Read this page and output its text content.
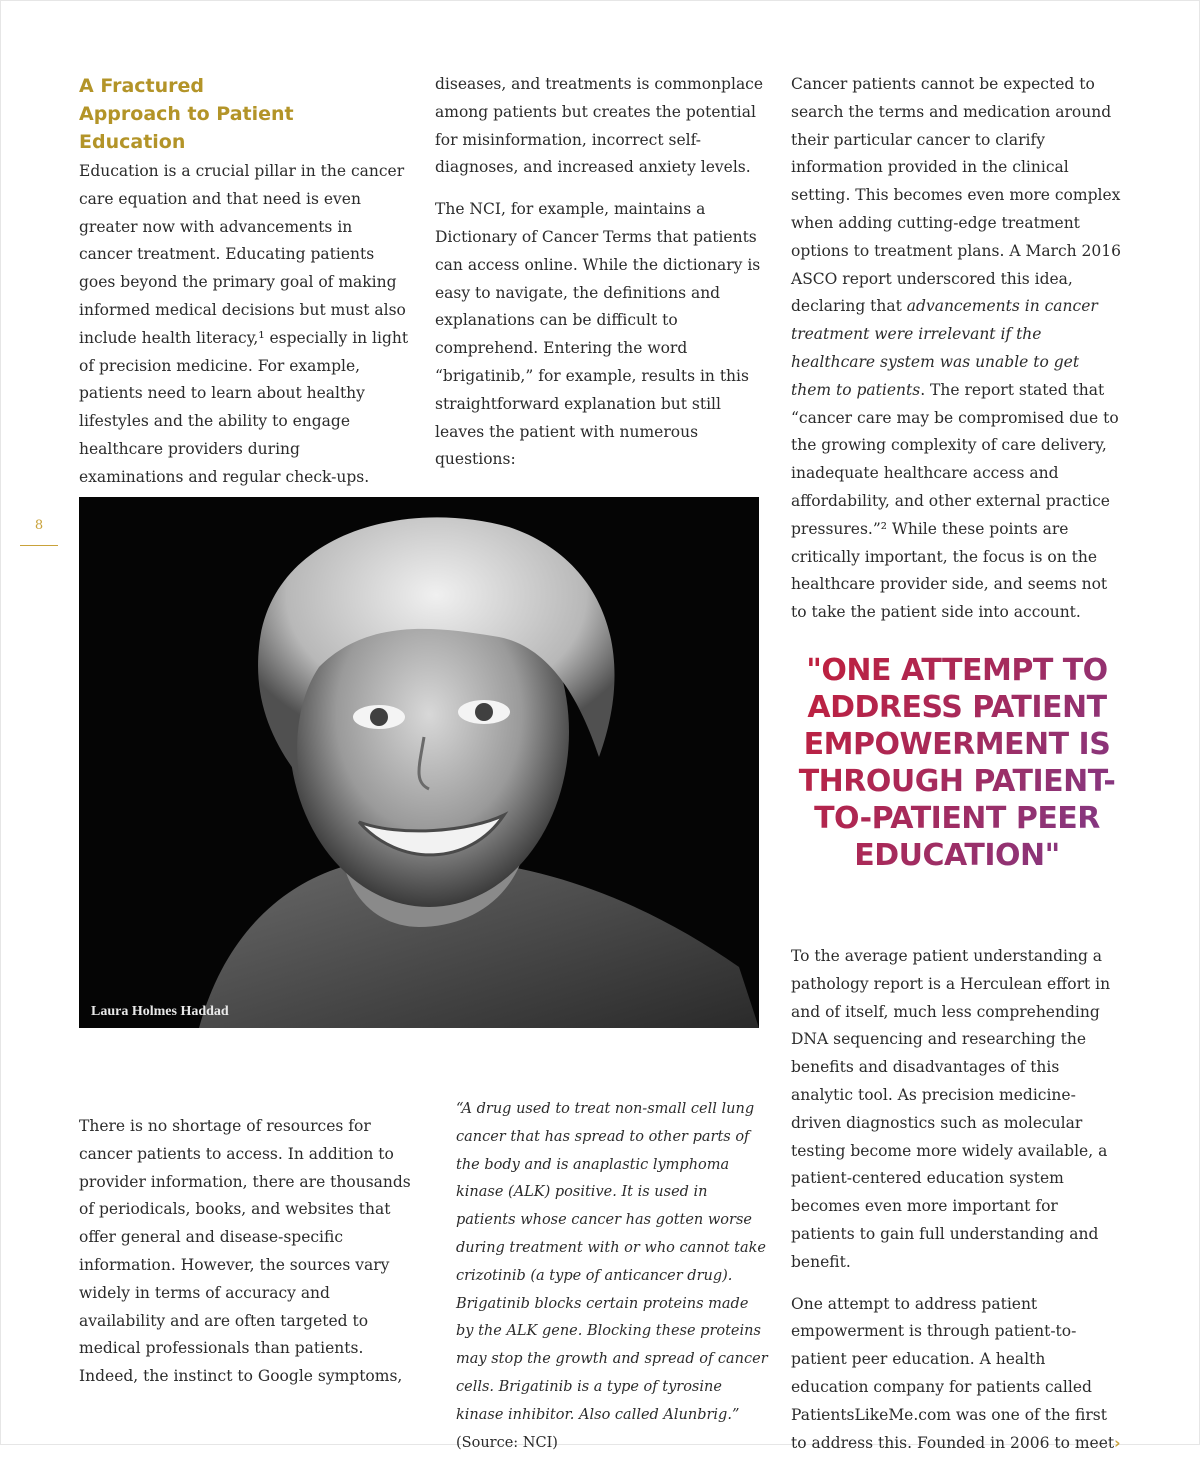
8
A Fractured Approach to Patient Education

Education is a crucial pillar in the cancer care equation and that need is even greater now with advancements in cancer treatment. Educating patients goes beyond the primary goal of making informed medical decisions but must also include health literacy,¹ especially in light of precision medicine. For example, patients need to learn about healthy lifestyles and the ability to engage healthcare providers during examinations and regular check-ups.

diseases, and treatments is commonplace among patients but creates the potential for misinformation, incorrect self-diagnoses, and increased anxiety levels.

The NCI, for example, maintains a Dictionary of Cancer Terms that patients can access online. While the dictionary is easy to navigate, the definitions and explanations can be difficult to comprehend. Entering the word “brigatinib,” for example, results in this straightforward explanation but still leaves the patient with numerous questions:

Cancer patients cannot be expected to search the terms and medication around their particular cancer to clarify information provided in the clinical setting. This becomes even more complex when adding cutting-edge treatment options to treatment plans. A March 2016 ASCO report underscored this idea, declaring that advancements in cancer treatment were irrelevant if the healthcare system was unable to get them to patients. The report stated that “cancer care may be compromised due to the growing complexity of care delivery, inadequate healthcare access and affordability, and other external practice pressures.”² While these points are critically important, the focus is on the healthcare provider side, and seems not to take the patient side into account.

Laura Holmes Haddad
"ONE ATTEMPT TO ADDRESS PATIENT EMPOWERMENT IS THROUGH PATIENT-TO-PATIENT PEER EDUCATION"

There is no shortage of resources for cancer patients to access. In addition to provider information, there are thousands of periodicals, books, and websites that offer general and disease-specific information. However, the sources vary widely in terms of accuracy and availability and are often targeted to medical professionals than patients. Indeed, the instinct to Google symptoms,

“A drug used to treat non-small cell lung cancer that has spread to other parts of the body and is anaplastic lymphoma kinase (ALK) positive. It is used in patients whose cancer has gotten worse during treatment with or who cannot take crizotinib (a type of anticancer drug). Brigatinib blocks certain proteins made by the ALK gene. Blocking these proteins may stop the growth and spread of cancer cells. Brigatinib is a type of tyrosine kinase inhibitor. Also called Alunbrig.” (Source: NCI)

To the average patient understanding a pathology report is a Herculean effort in and of itself, much less comprehending DNA sequencing and researching the benefits and disadvantages of this analytic tool. As precision medicine-driven diagnostics such as molecular testing become more widely available, a patient-centered education system becomes even more important for patients to gain full understanding and benefit.

One attempt to address patient empowerment is through patient-to-patient peer education. A health education company for patients called PatientsLikeMe.com was one of the first to address this. Founded in 2006 to meet›
